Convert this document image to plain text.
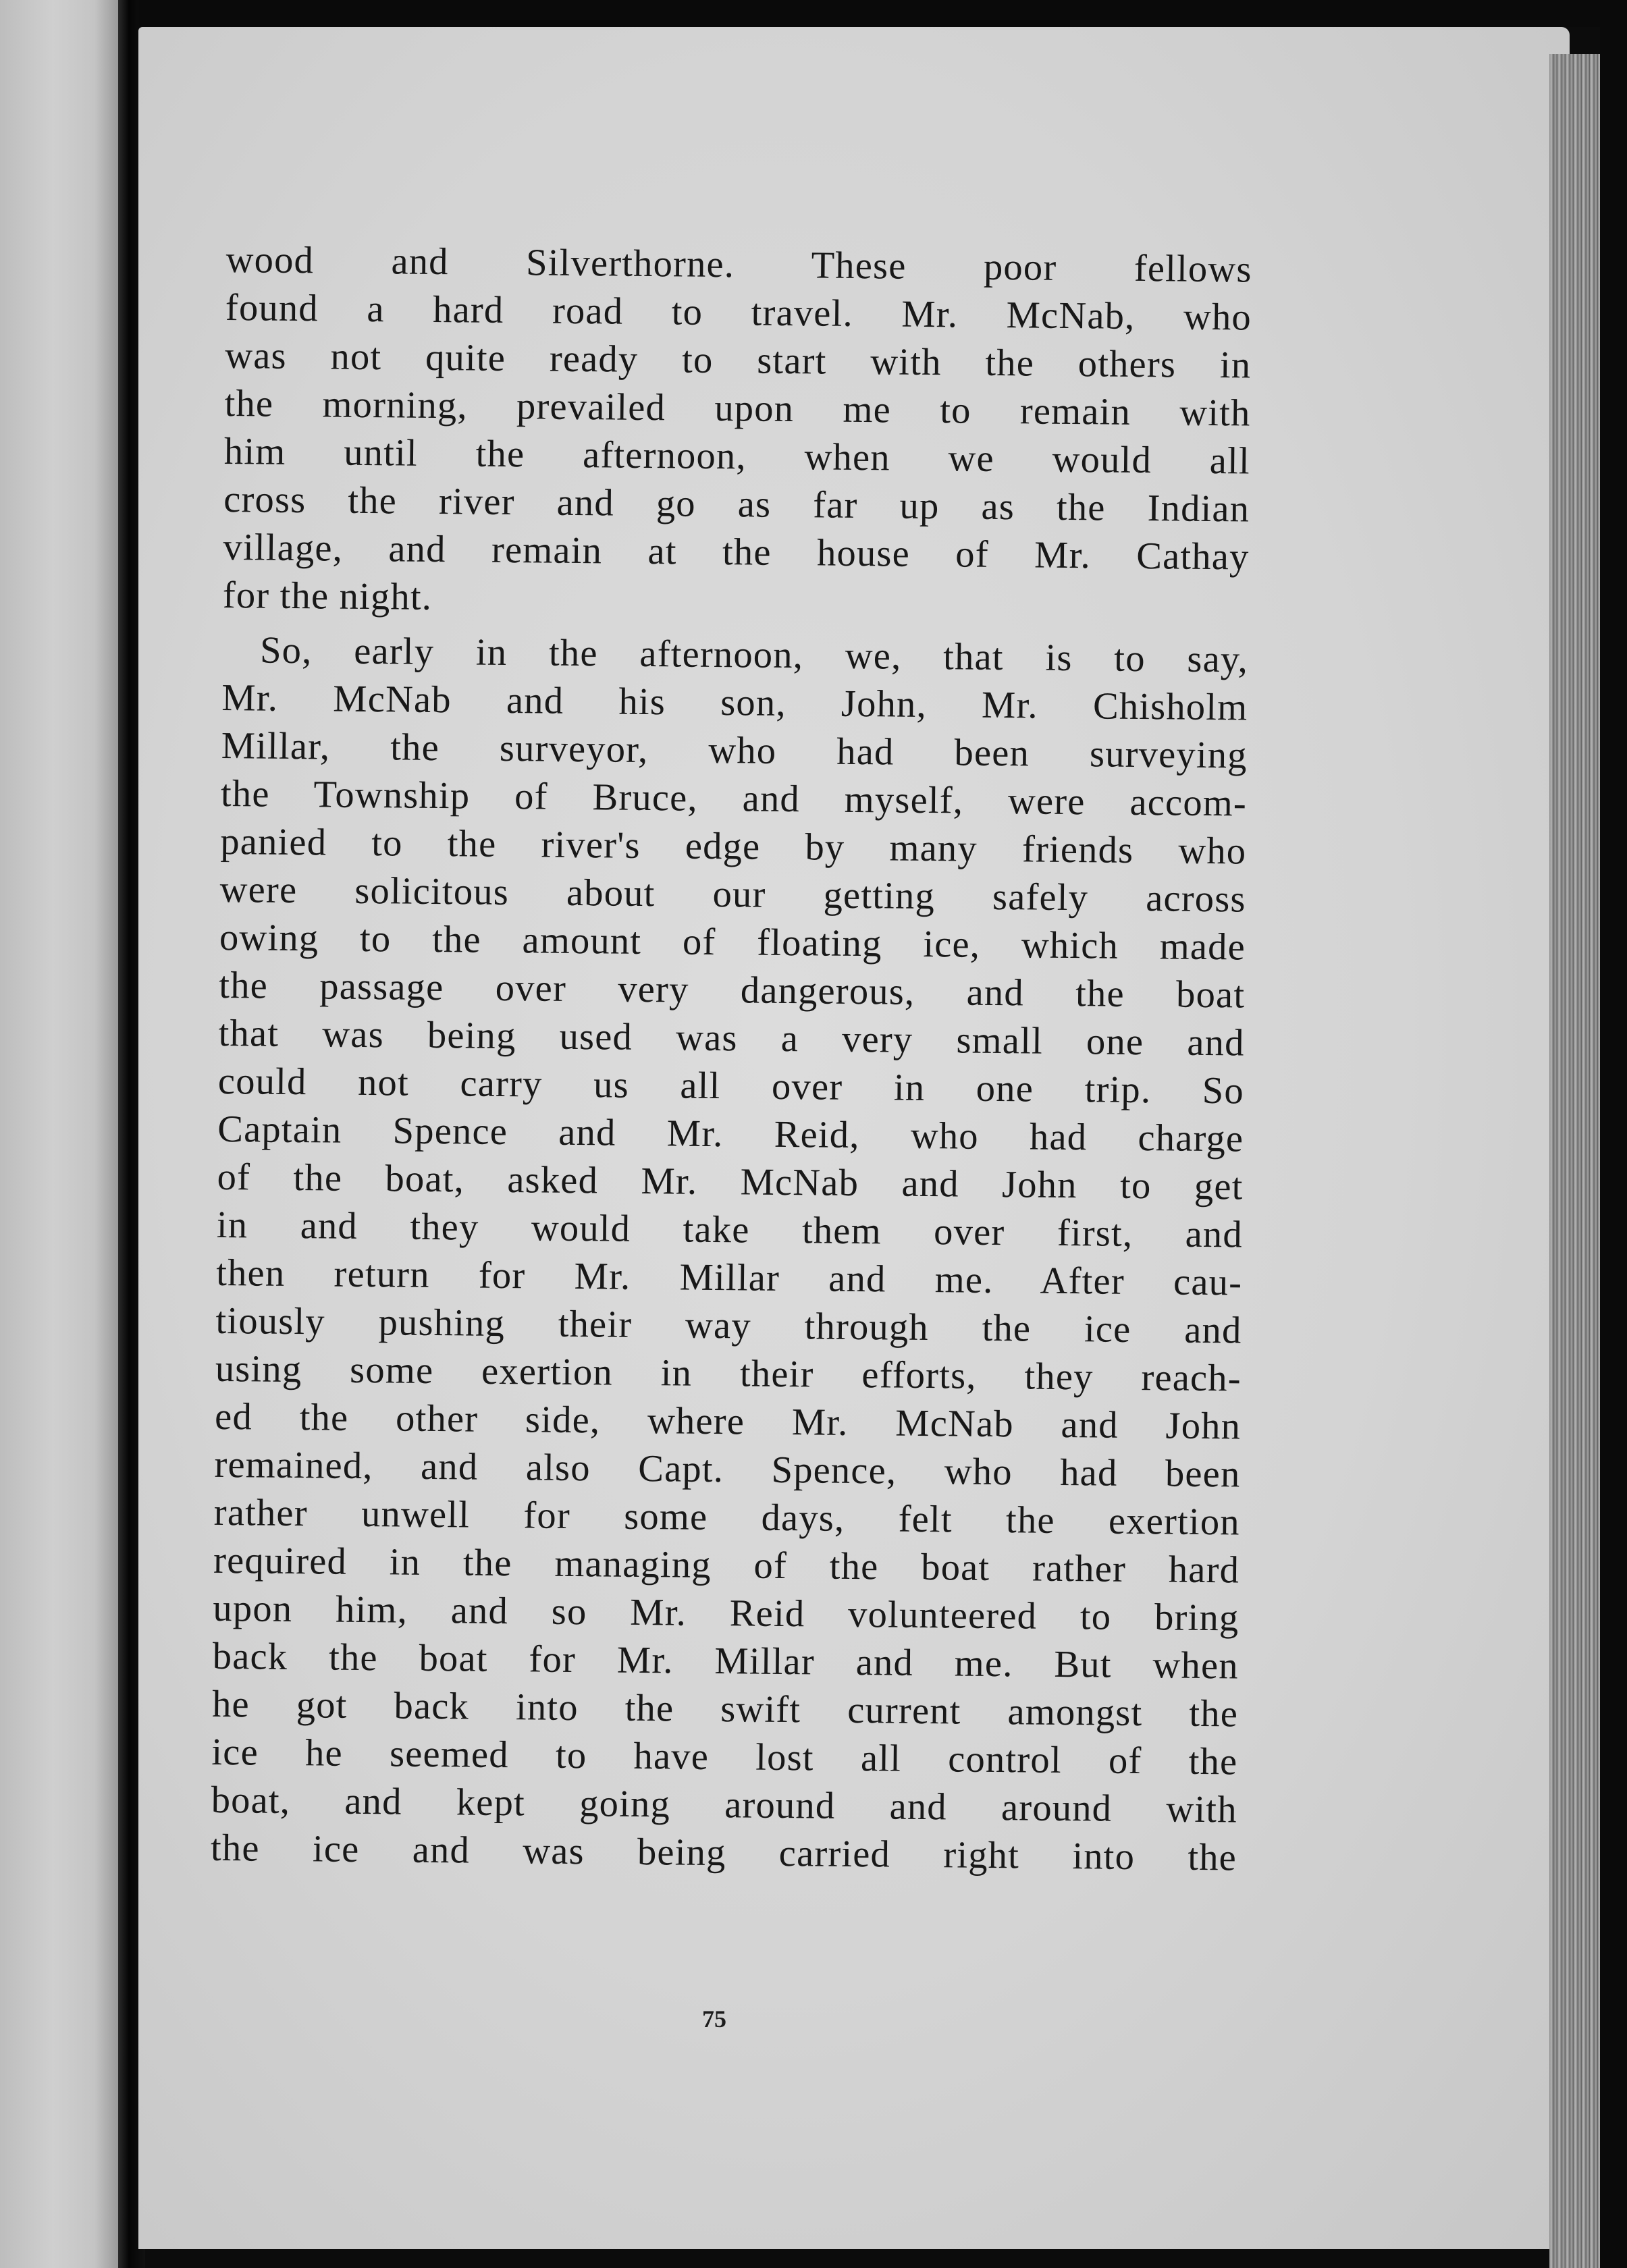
wood and Silverthorne. These poor fellows

found a hard road to travel. Mr. McNab, who

was not quite ready to start with the others in

the morning, prevailed upon me to remain with

him until the afternoon, when we would all

cross the river and go as far up as the Indian

village, and remain at the house of Mr. Cathay

for the night.

So, early in the afternoon, we, that is to say,

Mr. McNab and his son, John, Mr. Chisholm

Millar, the surveyor, who had been surveying

the Township of Bruce, and myself, were accom-

panied to the river's edge by many friends who

were solicitous about our getting safely across

owing to the amount of floating ice, which made

the passage over very dangerous, and the boat

that was being used was a very small one and

could not carry us all over in one trip. So

Captain Spence and Mr. Reid, who had charge

of the boat, asked Mr. McNab and John to get

in and they would take them over first, and

then return for Mr. Millar and me. After cau-

tiously pushing their way through the ice and

using some exertion in their efforts, they reach-

ed the other side, where Mr. McNab and John

remained, and also Capt. Spence, who had been

rather unwell for some days, felt the exertion

required in the managing of the boat rather hard

upon him, and so Mr. Reid volunteered to bring

back the boat for Mr. Millar and me. But when

he got back into the swift current amongst the

ice he seemed to have lost all control of the

boat, and kept going around and around with

the ice and was being carried right into the

75
